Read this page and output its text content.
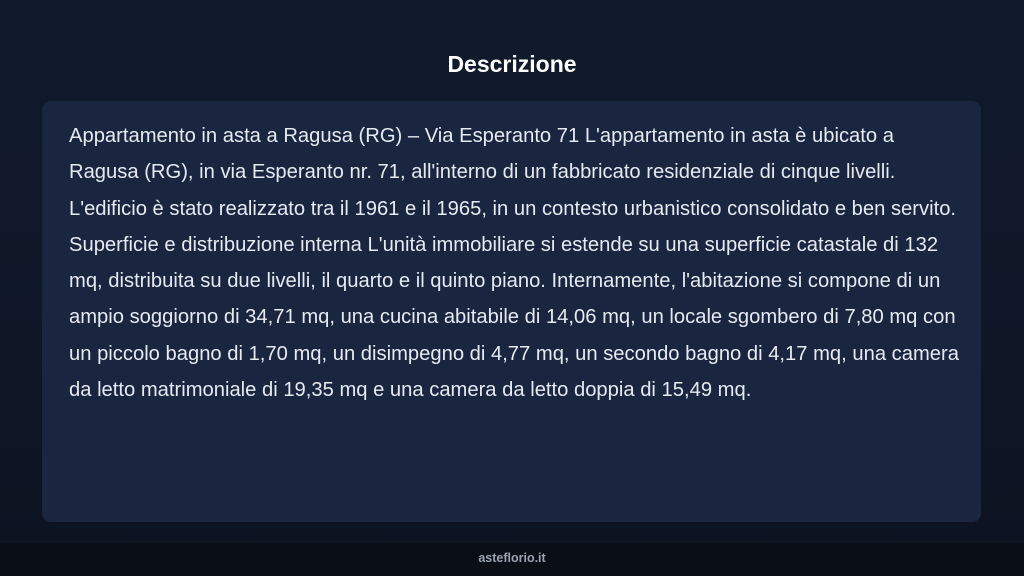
Descrizione

Appartamento in asta a Ragusa (RG) – Via Esperanto 71 L'appartamento in asta è ubicato a Ragusa (RG), in via Esperanto nr. 71, all'interno di un fabbricato residenziale di cinque livelli. L'edificio è stato realizzato tra il 1961 e il 1965, in un contesto urbanistico consolidato e ben servito. Superficie e distribuzione interna L'unità immobiliare si estende su una superficie catastale di 132 mq, distribuita su due livelli, il quarto e il quinto piano. Internamente, l'abitazione si compone di un ampio soggiorno di 34,71 mq, una cucina abitabile di 14,06 mq, un locale sgombero di 7,80 mq con un piccolo bagno di 1,70 mq, un disimpegno di 4,77 mq, un secondo bagno di 4,17 mq, una camera da letto matrimoniale di 19,35 mq e una camera da letto doppia di 15,49 mq.

asteflorio.it
